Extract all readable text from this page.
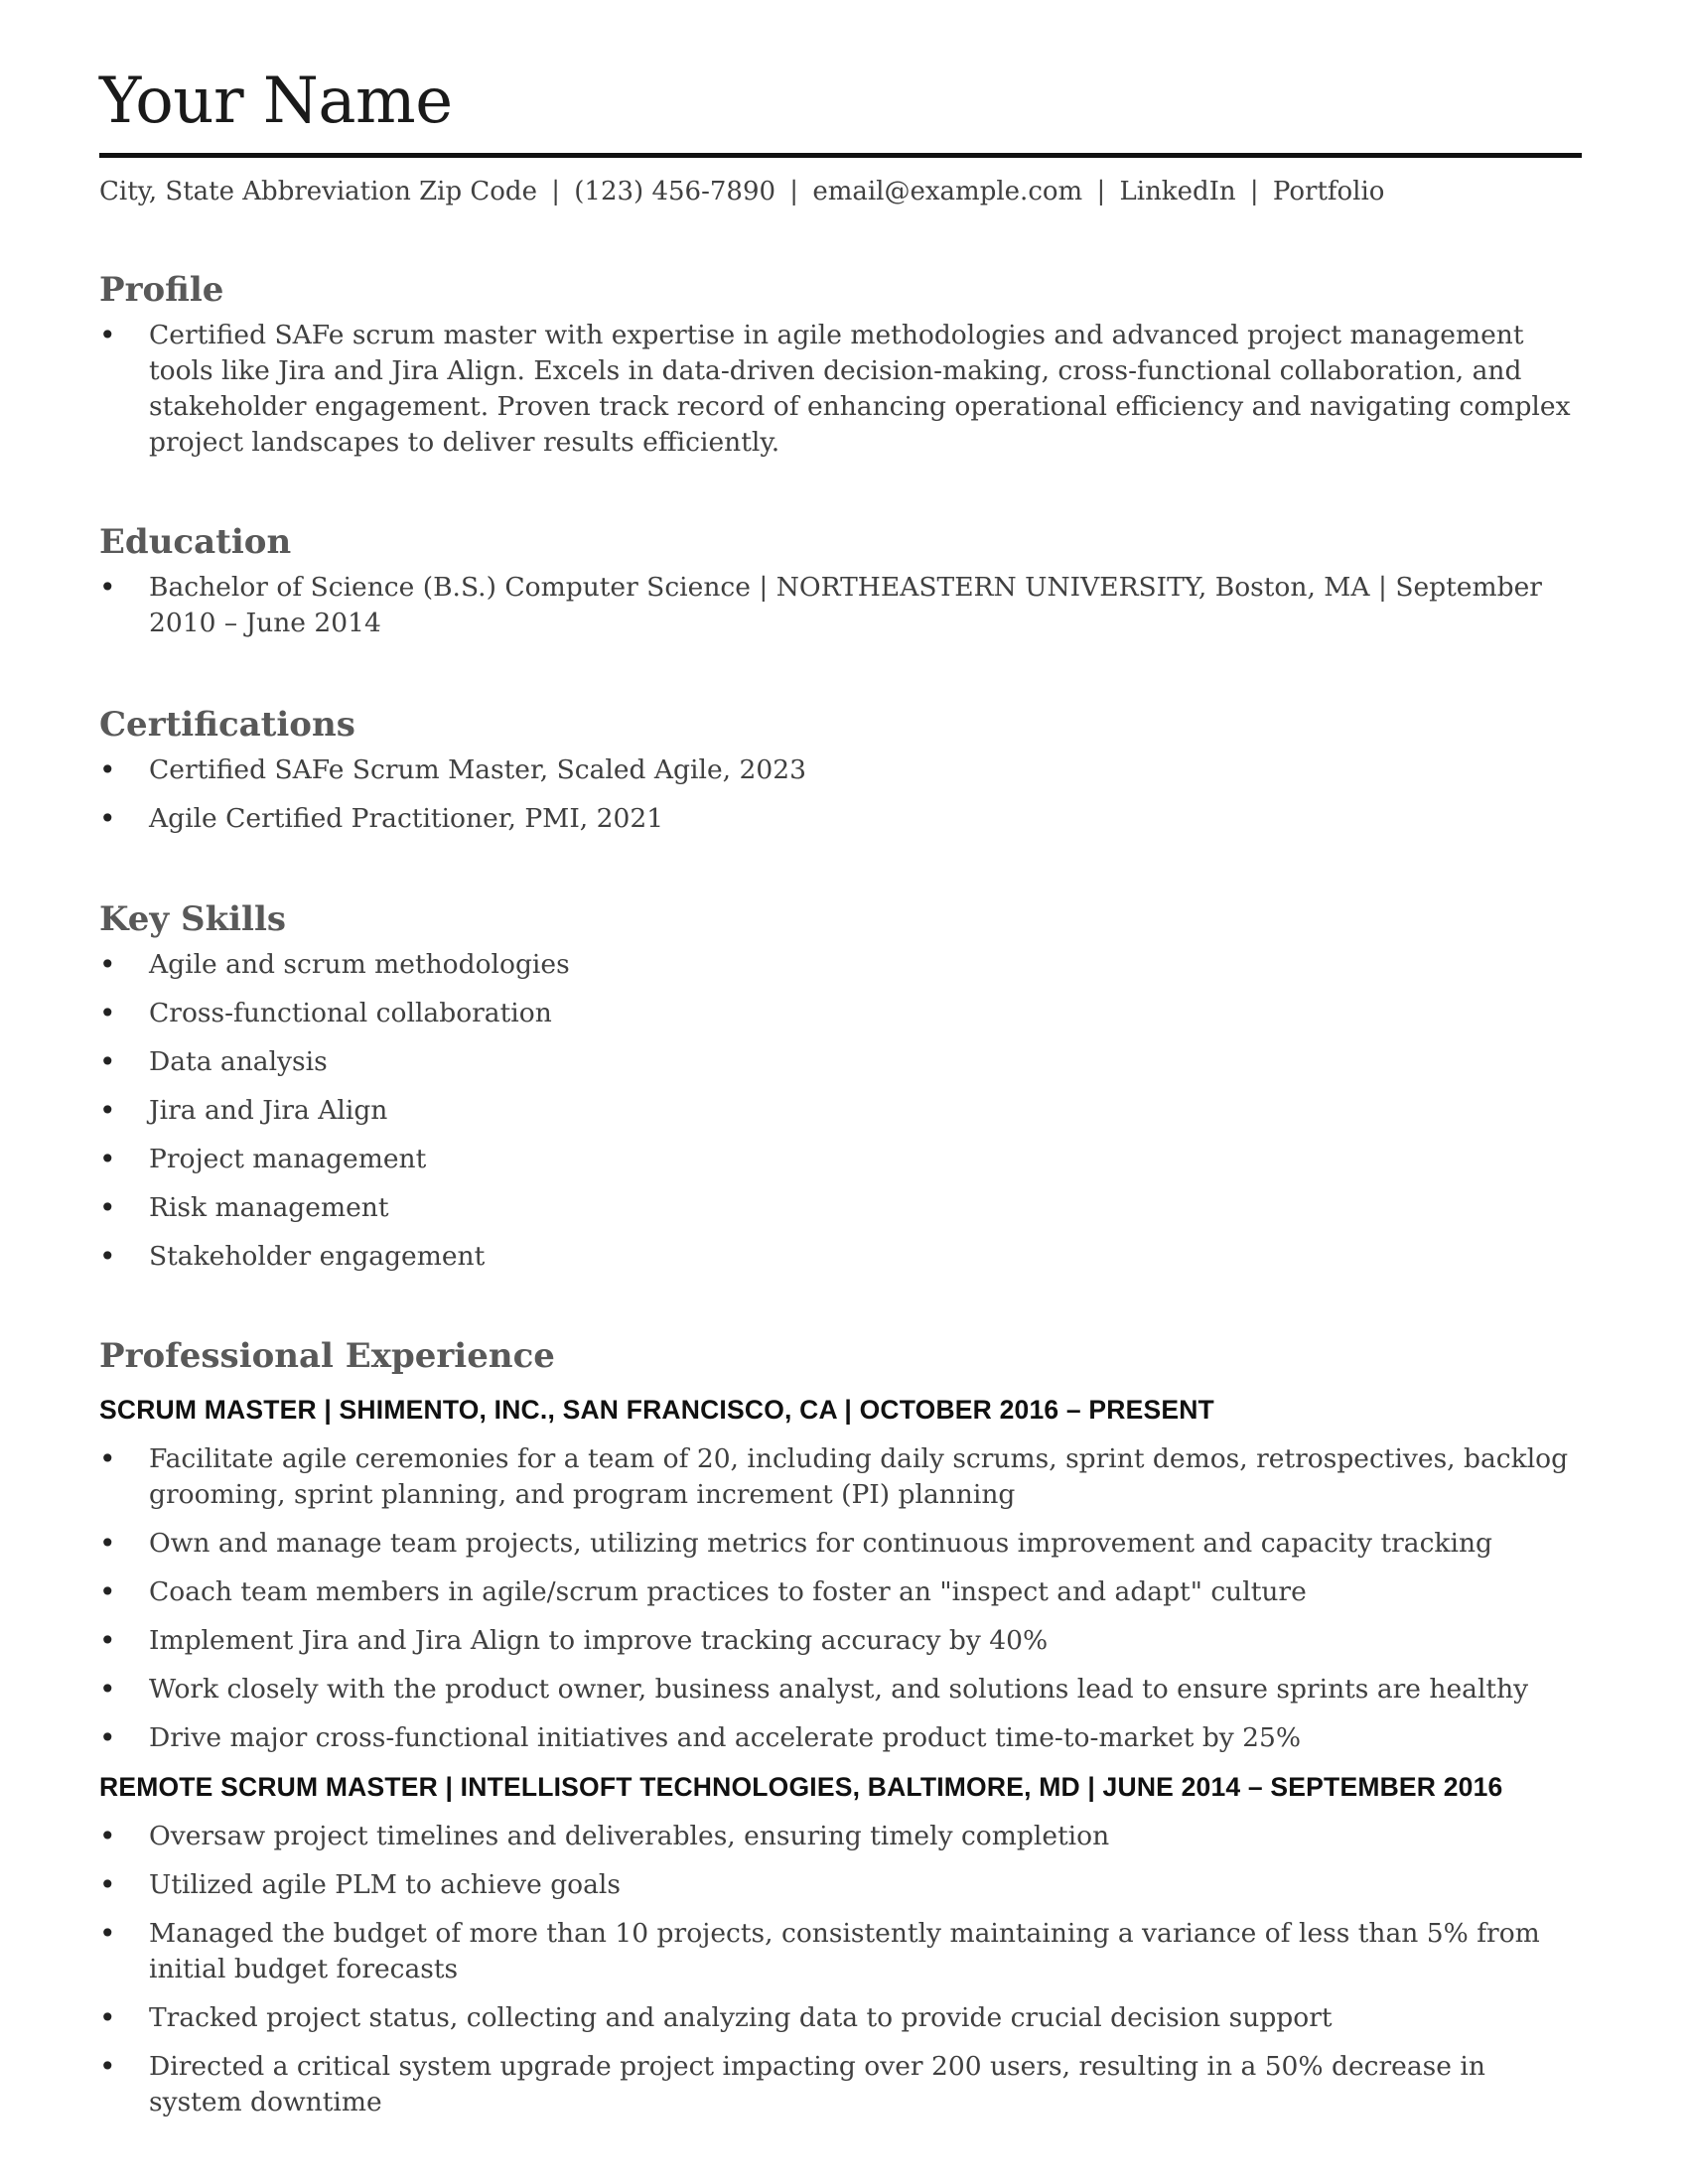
Your Name
City, State Abbreviation Zip Code | (123) 456-7890 | email@example.com | LinkedIn | Portfolio
Profile
• Certified SAFe scrum master with expertise in agile methodologies and advanced project management tools like Jira and Jira Align. Excels in data-driven decision-making, cross-functional collaboration, and stakeholder engagement. Proven track record of enhancing operational efficiency and navigating complex project landscapes to deliver results efficiently.
Education
• Bachelor of Science (B.S.) Computer Science | NORTHEASTERN UNIVERSITY, Boston, MA | September 2010 – June 2014
Certifications
• Certified SAFe Scrum Master, Scaled Agile, 2023
• Agile Certified Practitioner, PMI, 2021
Key Skills
• Agile and scrum methodologies
• Cross-functional collaboration
• Data analysis
• Jira and Jira Align
• Project management
• Risk management
• Stakeholder engagement
Professional Experience
SCRUM MASTER | SHIMENTO, INC., SAN FRANCISCO, CA | OCTOBER 2016 – PRESENT
• Facilitate agile ceremonies for a team of 20, including daily scrums, sprint demos, retrospectives, backlog grooming, sprint planning, and program increment (PI) planning
• Own and manage team projects, utilizing metrics for continuous improvement and capacity tracking
• Coach team members in agile/scrum practices to foster an "inspect and adapt" culture
• Implement Jira and Jira Align to improve tracking accuracy by 40%
• Work closely with the product owner, business analyst, and solutions lead to ensure sprints are healthy
• Drive major cross-functional initiatives and accelerate product time-to-market by 25%
REMOTE SCRUM MASTER | INTELLISOFT TECHNOLOGIES, BALTIMORE, MD | JUNE 2014 – SEPTEMBER 2016
• Oversaw project timelines and deliverables, ensuring timely completion
• Utilized agile PLM to achieve goals
• Managed the budget of more than 10 projects, consistently maintaining a variance of less than 5% from initial budget forecasts
• Tracked project status, collecting and analyzing data to provide crucial decision support
• Directed a critical system upgrade project impacting over 200 users, resulting in a 50% decrease in system downtime
